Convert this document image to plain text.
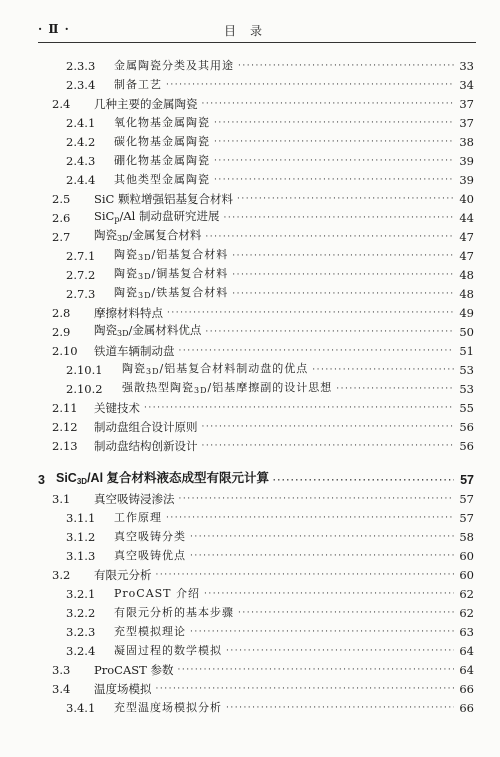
· Ⅱ ·	目录
2.3.3	金属陶瓷分类及其用途 ·····	33
2.3.4	制备工艺 ·····	34
2.4	几种主要的金属陶瓷 ·····	37
2.4.1	氧化物基金属陶瓷 ·····	37
2.4.2	碳化物基金属陶瓷 ·····	38
2.4.3	硼化物基金属陶瓷 ·····	39
2.4.4	其他类型金属陶瓷 ·····	39
2.5	SiC 颗粒增强铝基复合材料 ·····	40
2.6	SiC$_p$/Al 制动盘研究进展 ·····	44
2.7	陶瓷$_{3D}$/金属复合材料 ·····	47
2.7.1	陶瓷$_{3D}$/铝基复合材料 ·····	47
2.7.2	陶瓷$_{3D}$/铜基复合材料 ·····	48
2.7.3	陶瓷$_{3D}$/铁基复合材料 ·····	48
2.8	摩擦材料特点 ·····	49
2.9	陶瓷$_{3D}$/金属材料优点 ·····	50
2.10	铁道车辆制动盘 ·····	51
2.10.1	陶瓷$_{3D}$/铝基复合材料制动盘的优点 ·····	53
2.10.2	强散热型陶瓷$_{3D}$/铝基摩擦副的设计思想 ·····	53
2.11	关键技术 ·····	55
2.12	制动盘组合设计原则 ·····	56
2.13	制动盘结构创新设计 ·····	56
3 SiC$_{3D}$/Al 复合材料液态成型有限元计算 ·····	57
3.1	真空吸铸浸渗法 ·····	57
3.1.1	工作原理 ·····	57
3.1.2	真空吸铸分类 ·····	58
3.1.3	真空吸铸优点 ·····	60
3.2	有限元分析 ·····	60
3.2.1	ProCAST 介绍 ·····	62
3.2.2	有限元分析的基本步骤 ·····	62
3.2.3	充型模拟理论 ·····	63
3.2.4	凝固过程的数学模拟 ·····	64
3.3	ProCAST 参数 ·····	64
3.4	温度场模拟 ·····	66
3.4.1	充型温度场模拟分析 ·····	66
